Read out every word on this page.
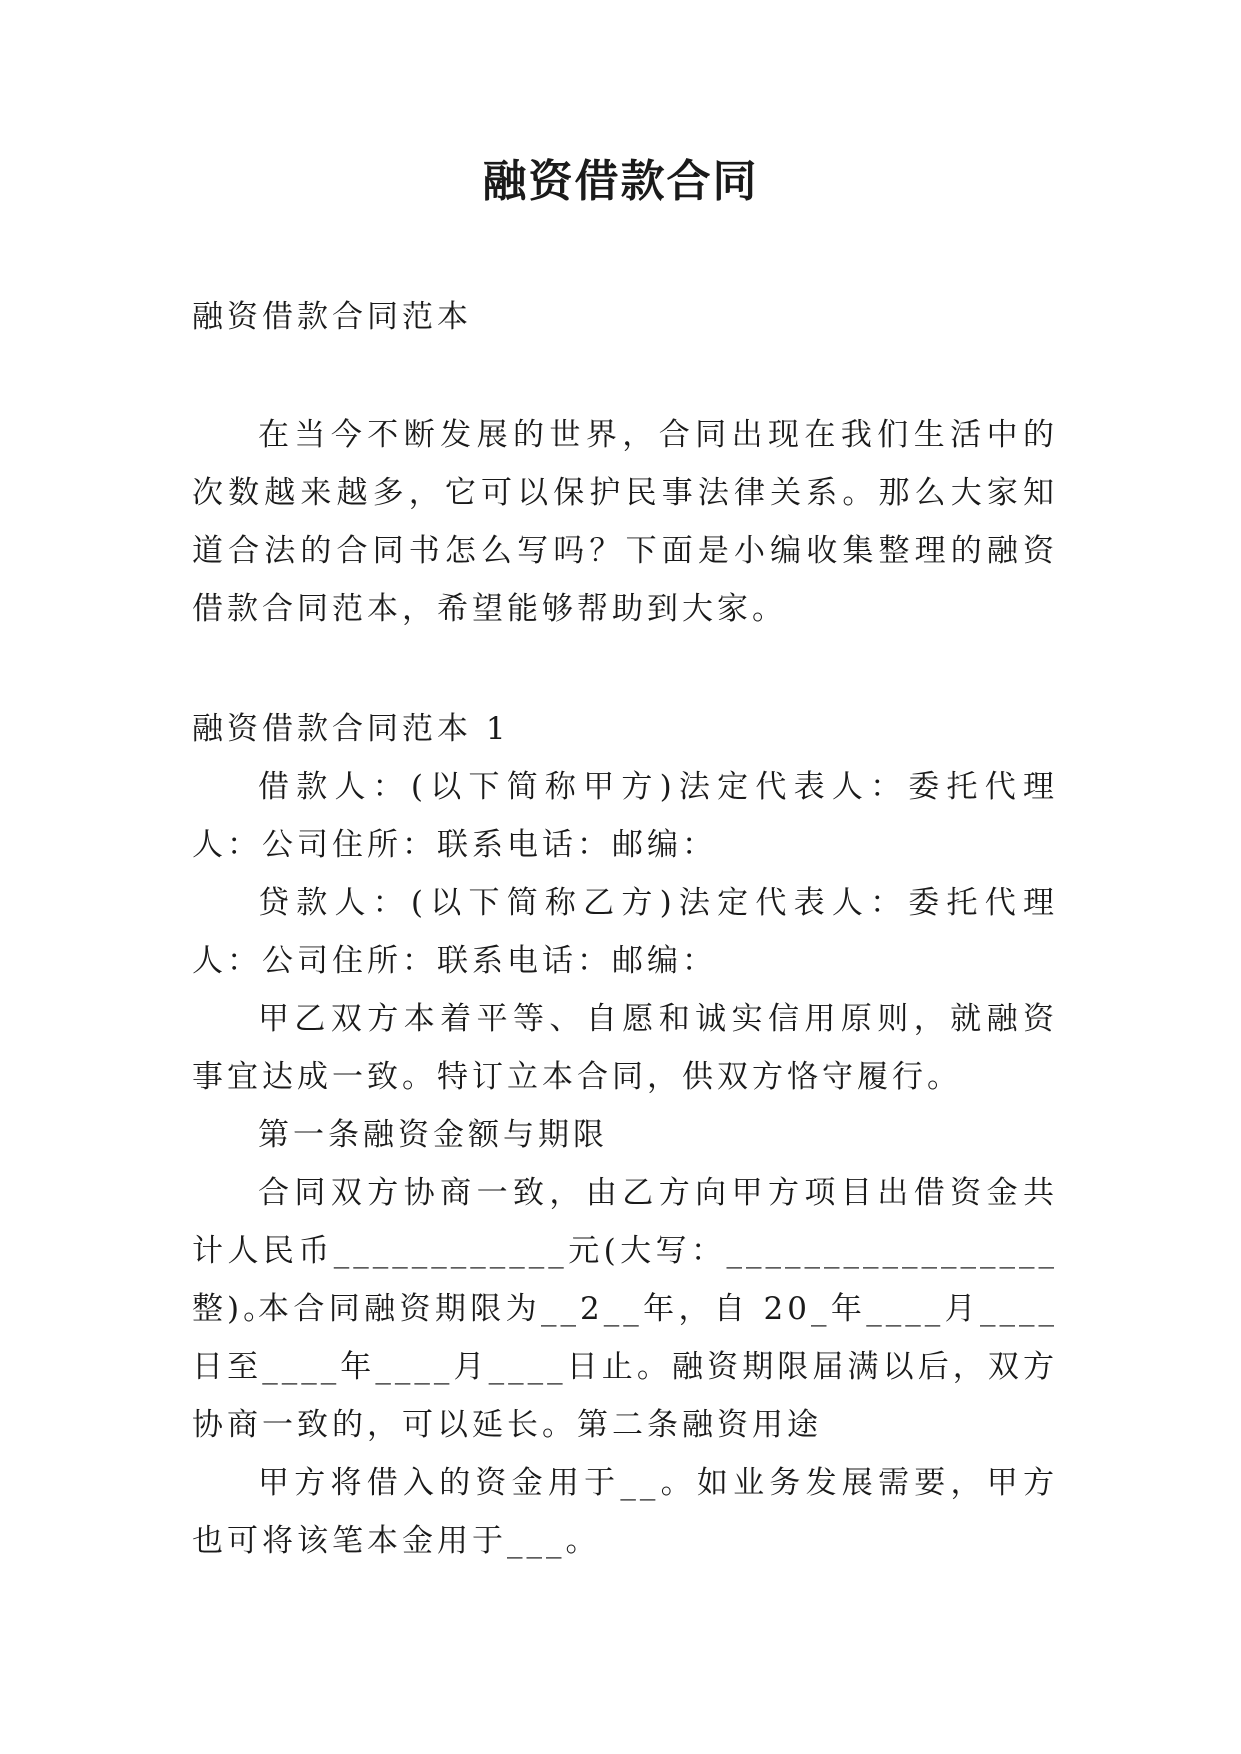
融资借款合同

融资借款合同范本

在当今不断发展的世界，合同出现在我们生活中的次数越来越多，它可以保护民事法律关系。那么大家知道合法的合同书怎么写吗？下面是小编收集整理的融资借款合同范本，希望能够帮助到大家。

融资借款合同范本 1

借款人：(以下简称甲方)法定代表人：委托代理人：公司住所：联系电话：邮编：

贷款人：(以下简称乙方)法定代表人：委托代理人：公司住所：联系电话：邮编：

甲乙双方本着平等、自愿和诚实信用原则，就融资事宜达成一致。特订立本合同，供双方恪守履行。

第一条融资金额与期限

合同双方协商一致，由乙方向甲方项目出借资金共计人民币____________元(大写：_________________整)。

本合同融资期限为__2__年，自 20_年____月____日至____年____月____日止。融资期限届满以后，双方协商一致的，可以延长。第二条融资用途

甲方将借入的资金用于__。如业务发展需要，甲方也可将该笔本金用于___。
